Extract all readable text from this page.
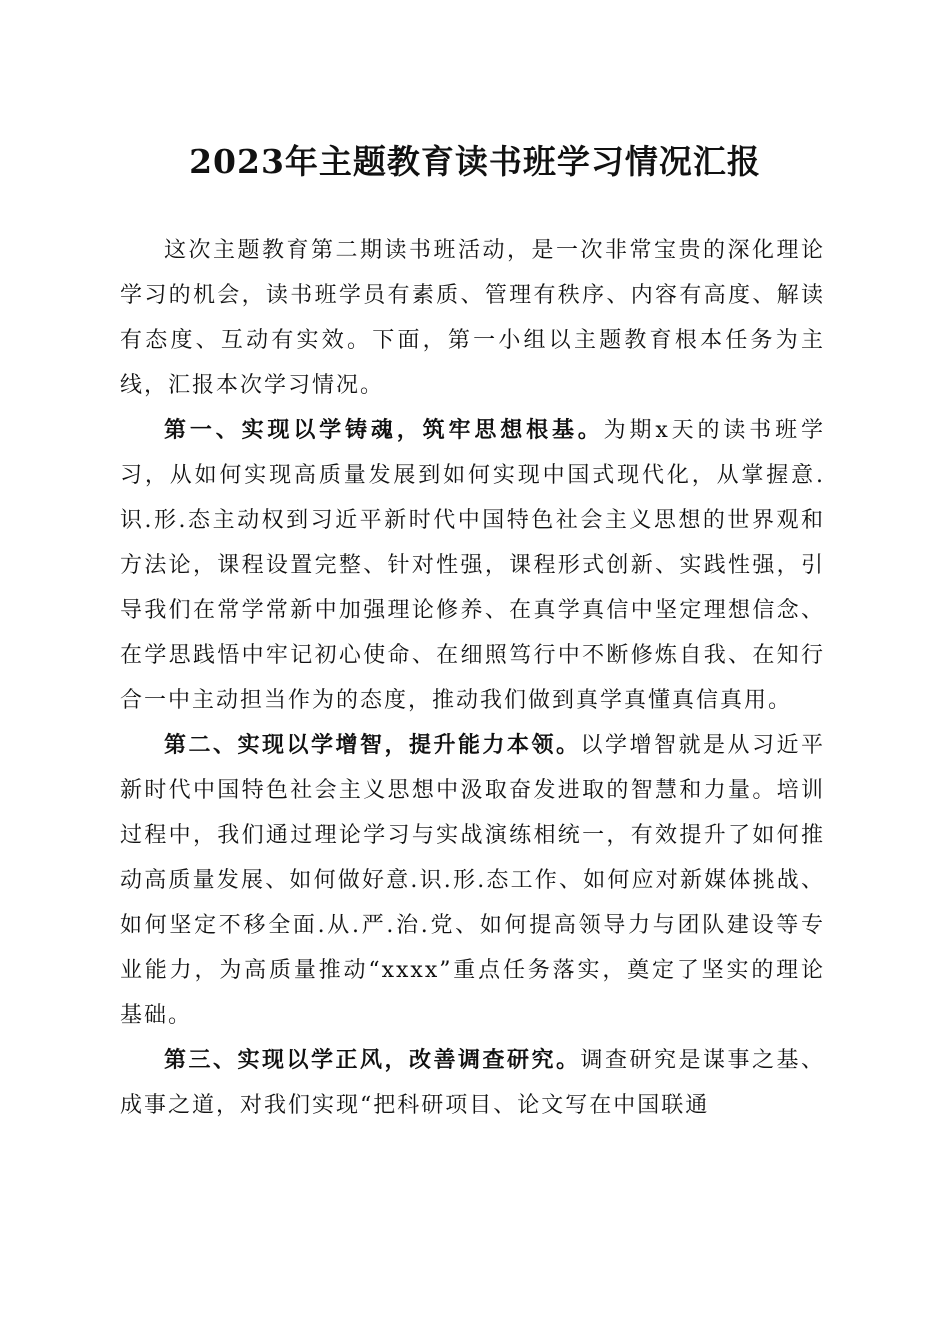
2023年主题教育读书班学习情况汇报

这次主题教育第二期读书班活动，是一次非常宝贵的深化理论学习的机会，读书班学员有素质、管理有秩序、内容有高度、解读有态度、互动有实效。下面，第一小组以主题教育根本任务为主线，汇报本次学习情况。

第一、实现以学铸魂，筑牢思想根基。为期x天的读书班学习，从如何实现高质量发展到如何实现中国式现代化，从掌握意.识.形.态主动权到习近平新时代中国特色社会主义思想的世界观和方法论，课程设置完整、针对性强，课程形式创新、实践性强，引导我们在常学常新中加强理论修养、在真学真信中坚定理想信念、在学思践悟中牢记初心使命、在细照笃行中不断修炼自我、在知行合一中主动担当作为的态度，推动我们做到真学真懂真信真用。

第二、实现以学增智，提升能力本领。以学增智就是从习近平新时代中国特色社会主义思想中汲取奋发进取的智慧和力量。培训过程中，我们通过理论学习与实战演练相统一，有效提升了如何推动高质量发展、如何做好意.识.形.态工作、如何应对新媒体挑战、如何坚定不移全面.从.严.治.党、如何提高领导力与团队建设等专业能力，为高质量推动“xxxx”重点任务落实，奠定了坚实的理论基础。

第三、实现以学正风，改善调查研究。调查研究是谋事之基、成事之道，对我们实现“把科研项目、论文写在中国联通
